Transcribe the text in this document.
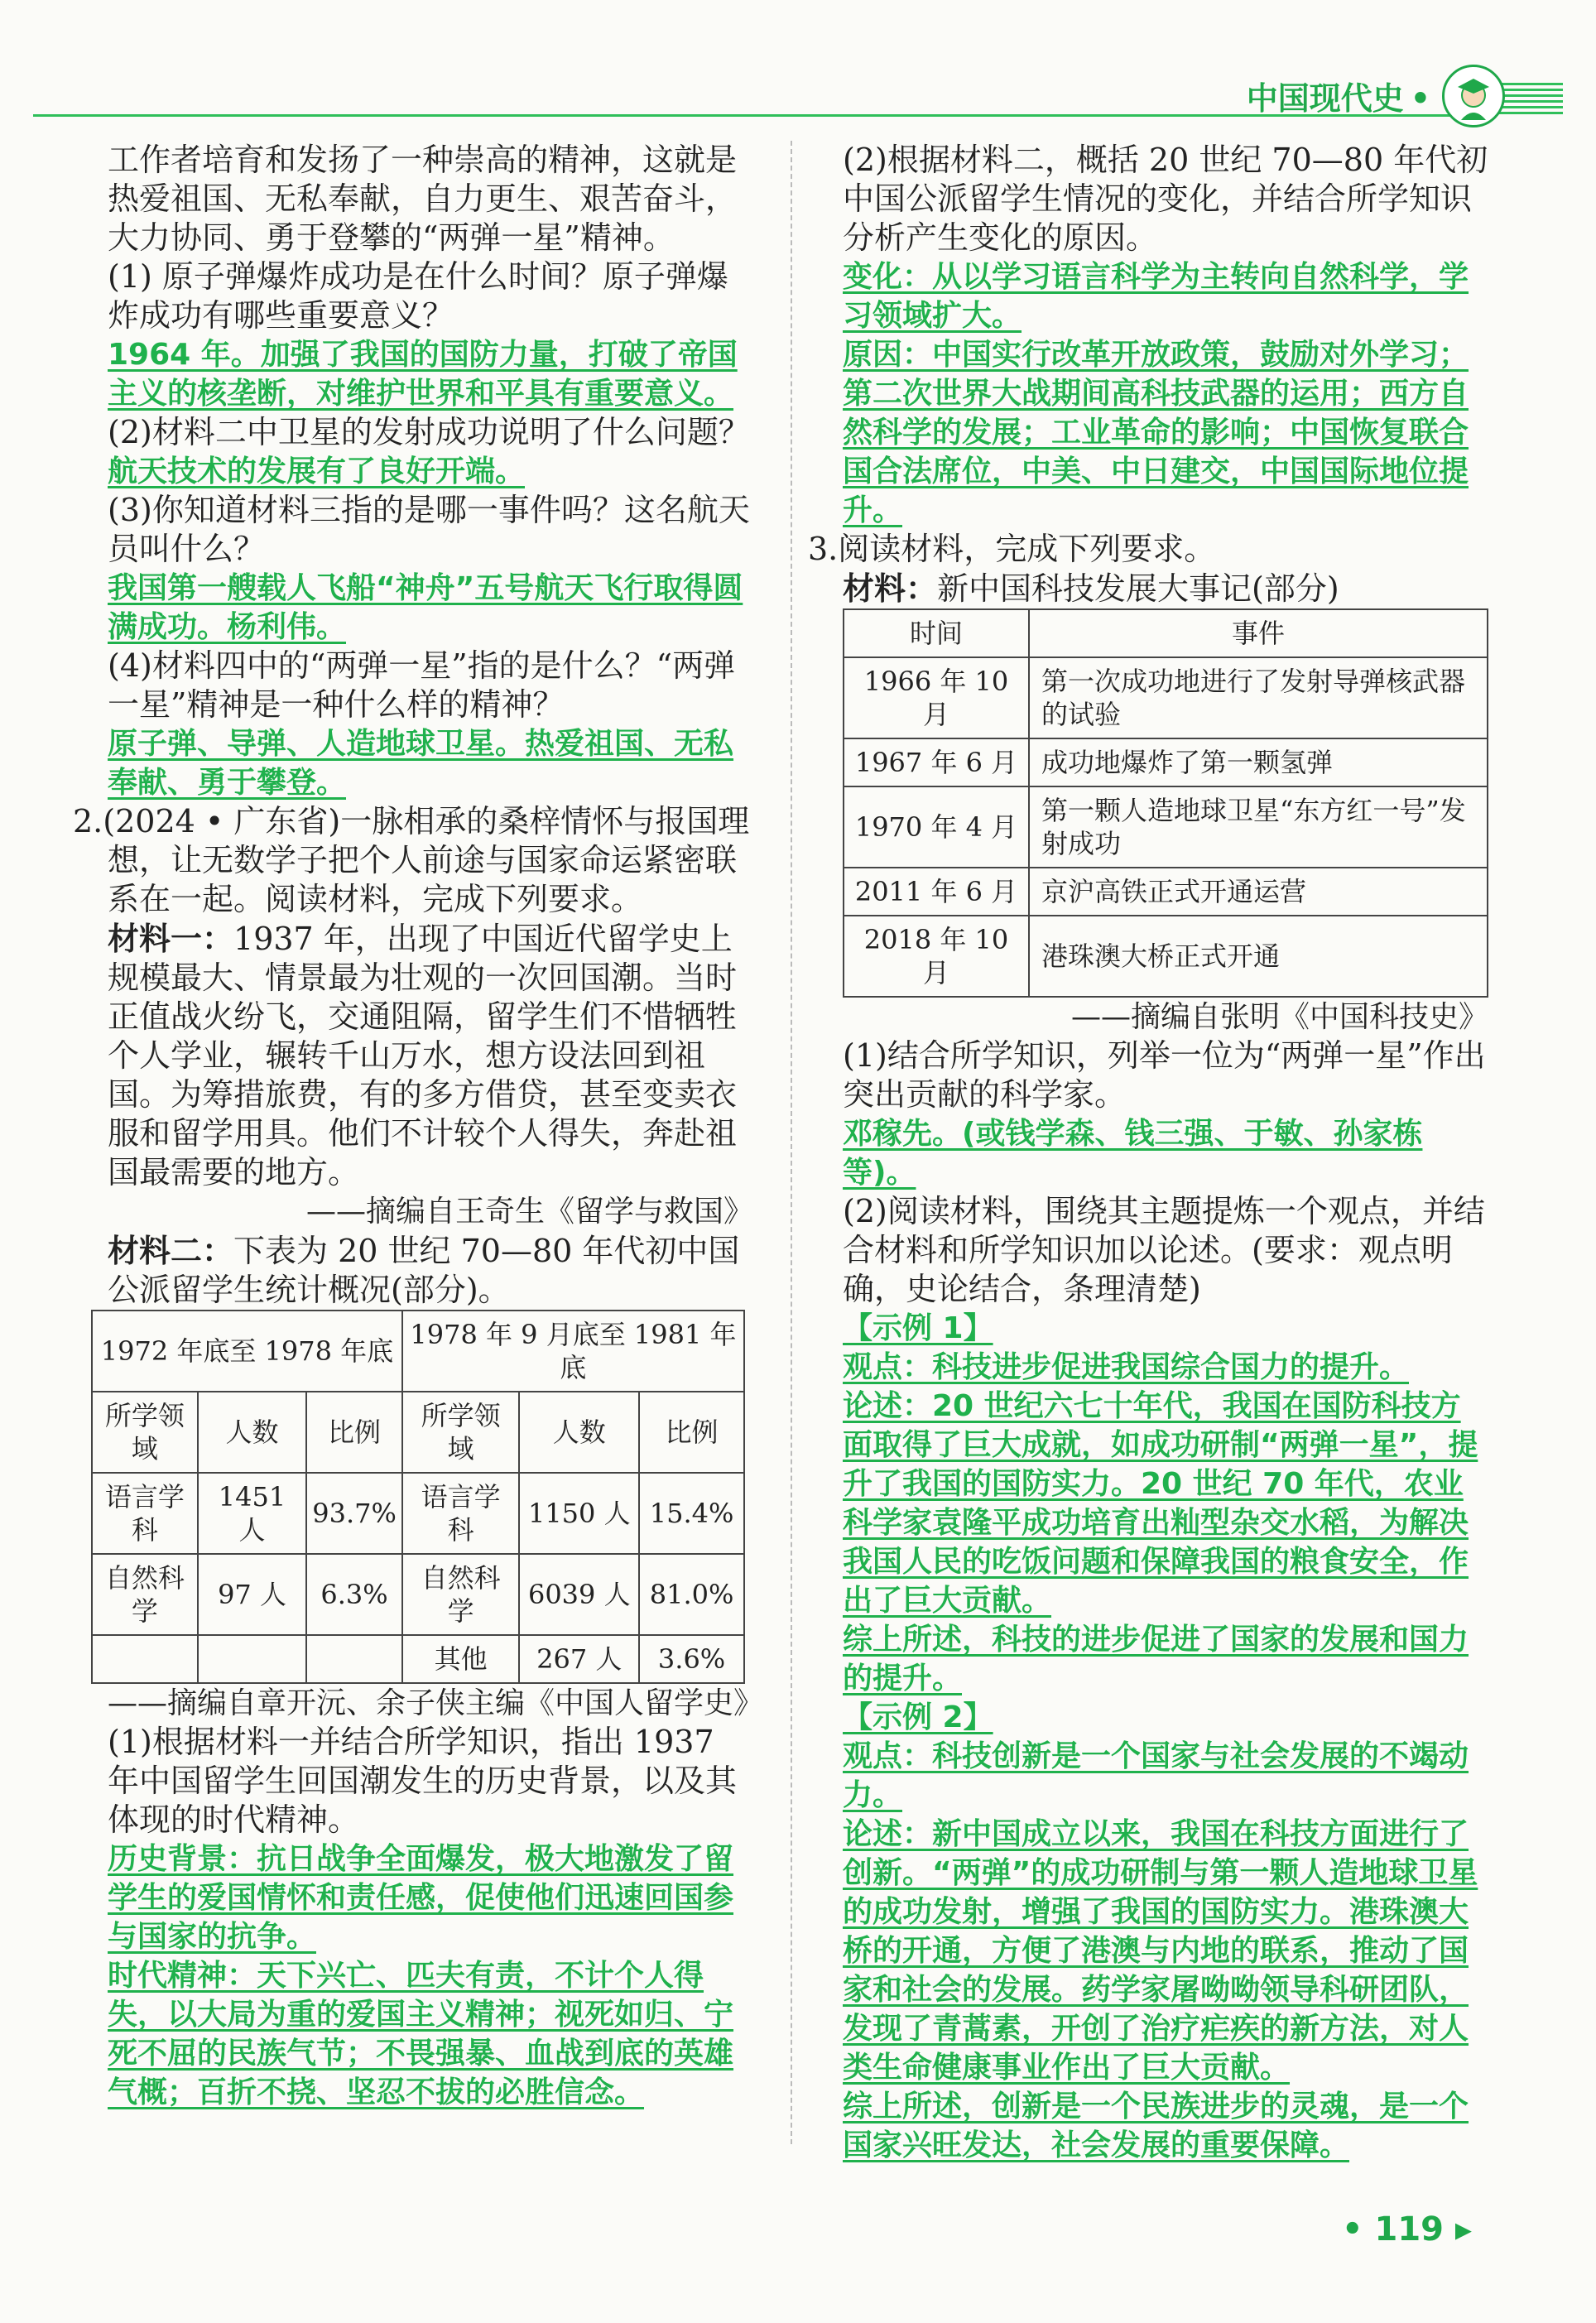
中国现代史 •

工作者培育和发扬了一种崇高的精神，这就是热爱祖国、无私奉献，自力更生、艰苦奋斗，大力协同、勇于登攀的“两弹一星”精神。

(1) 原子弹爆炸成功是在什么时间？原子弹爆炸成功有哪些重要意义？

1964 年。加强了我国的国防力量，打破了帝国主义的核垄断，对维护世界和平具有重要意义。

(2)材料二中卫星的发射成功说明了什么问题？

航天技术的发展有了良好开端。

(3)你知道材料三指的是哪一事件吗？这名航天员叫什么？

我国第一艘载人飞船“神舟”五号航天飞行取得圆满成功。杨利伟。

(4)材料四中的“两弹一星”指的是什么？“两弹一星”精神是一种什么样的精神？

原子弹、导弹、人造地球卫星。热爱祖国、无私奉献、勇于攀登。

2.(2024 • 广东省)一脉相承的桑梓情怀与报国理想，让无数学子把个人前途与国家命运紧密联系在一起。阅读材料，完成下列要求。

材料一：1937 年，出现了中国近代留学史上规模最大、情景最为壮观的一次回国潮。当时正值战火纷飞，交通阻隔，留学生们不惜牺牲个人学业，辗转千山万水，想方设法回到祖国。为筹措旅费，有的多方借贷，甚至变卖衣服和留学用具。他们不计较个人得失，奔赴祖国最需要的地方。

——摘编自王奇生《留学与救国》

材料二：下表为 20 世纪 70—80 年代初中国公派留学生统计概况(部分)。

1972 年底至 1978 年底			1978 年 9 月底至 1981 年底		
所学领域	人数	比例	所学领域	人数	比例
语言学科	1451 人	93.7%	语言学科	1150 人	15.4%
自然科学	97 人	6.3%	自然科学	6039 人	81.0%
			其他	267 人	3.6%

——摘编自章开沅、余子侠主编《中国人留学史》

(1)根据材料一并结合所学知识，指出 1937 年中国留学生回国潮发生的历史背景，以及其体现的时代精神。

历史背景：抗日战争全面爆发，极大地激发了留学生的爱国情怀和责任感，促使他们迅速回国参与国家的抗争。

时代精神：天下兴亡、匹夫有责，不计个人得失，以大局为重的爱国主义精神；视死如归、宁死不屈的民族气节；不畏强暴、血战到底的英雄气概；百折不挠、坚忍不拔的必胜信念。

(2)根据材料二，概括 20 世纪 70—80 年代初中国公派留学生情况的变化，并结合所学知识分析产生变化的原因。

变化：从以学习语言科学为主转向自然科学，学习领域扩大。

原因：中国实行改革开放政策，鼓励对外学习；第二次世界大战期间高科技武器的运用；西方自然科学的发展；工业革命的影响；中国恢复联合国合法席位，中美、中日建交，中国国际地位提升。

3.阅读材料，完成下列要求。

材料：新中国科技发展大事记(部分)

时间	事件
1966 年 10 月	第一次成功地进行了发射导弹核武器的试验
1967 年 6 月	成功地爆炸了第一颗氢弹
1970 年 4 月	第一颗人造地球卫星“东方红一号”发射成功
2011 年 6 月	京沪高铁正式开通运营
2018 年 10 月	港珠澳大桥正式开通

——摘编自张明《中国科技史》

(1)结合所学知识，列举一位为“两弹一星”作出突出贡献的科学家。

邓稼先。(或钱学森、钱三强、于敏、孙家栋等)。

(2)阅读材料，围绕其主题提炼一个观点，并结合材料和所学知识加以论述。(要求：观点明确，史论结合，条理清楚)

【示例 1】

观点：科技进步促进我国综合国力的提升。

论述：20 世纪六七十年代，我国在国防科技方面取得了巨大成就，如成功研制“两弹一星”，提升了我国的国防实力。20 世纪 70 年代，农业科学家袁隆平成功培育出籼型杂交水稻，为解决我国人民的吃饭问题和保障我国的粮食安全，作出了巨大贡献。

综上所述，科技的进步促进了国家的发展和国力的提升。

【示例 2】

观点：科技创新是一个国家与社会发展的不竭动力。

论述：新中国成立以来，我国在科技方面进行了创新。“两弹”的成功研制与第一颗人造地球卫星的成功发射，增强了我国的国防实力。港珠澳大桥的开通，方便了港澳与内地的联系，推动了国家和社会的发展。药学家屠呦呦领导科研团队，发现了青蒿素，开创了治疗疟疾的新方法，对人类生命健康事业作出了巨大贡献。

综上所述，创新是一个民族进步的灵魂，是一个国家兴旺发达，社会发展的重要保障。

• 119 ▸
